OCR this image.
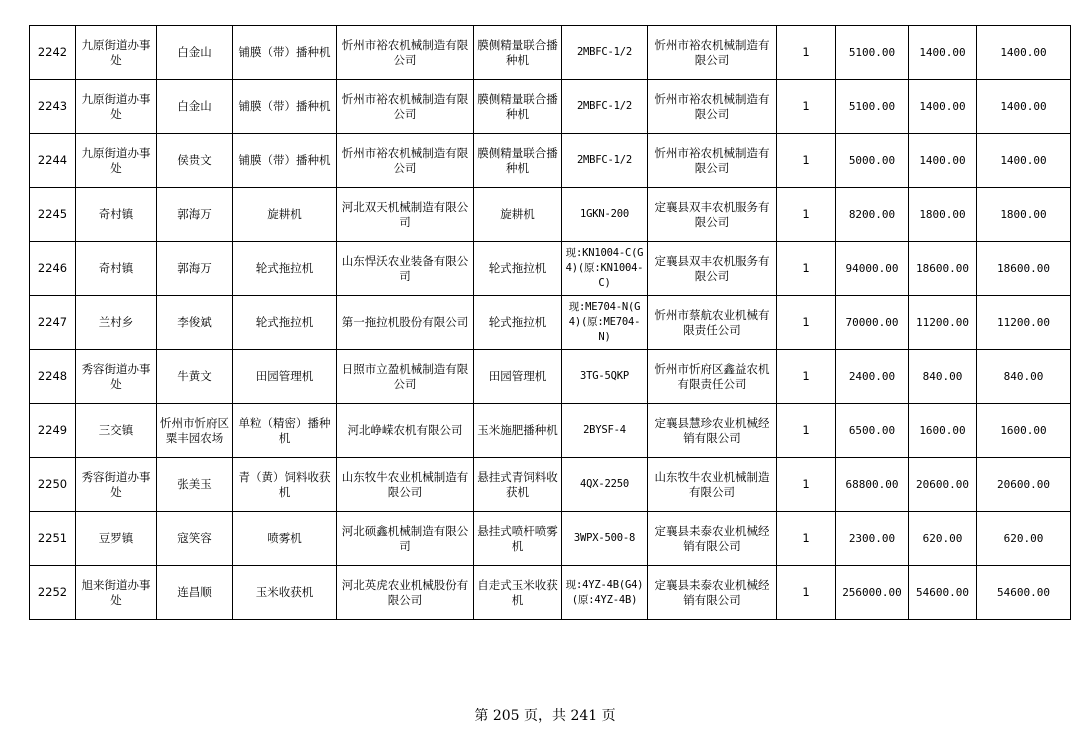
2242	九原街道办事处	白金山	铺膜（带）播种机	忻州市裕农机械制造有限公司	膜侧精量联合播种机	2MBFC-1/2	忻州市裕农机械制造有限公司	1	5100.00	1400.00	1400.00
2243	九原街道办事处	白金山	铺膜（带）播种机	忻州市裕农机械制造有限公司	膜侧精量联合播种机	2MBFC-1/2	忻州市裕农机械制造有限公司	1	5100.00	1400.00	1400.00
2244	九原街道办事处	侯贵文	铺膜（带）播种机	忻州市裕农机械制造有限公司	膜侧精量联合播种机	2MBFC-1/2	忻州市裕农机械制造有限公司	1	5000.00	1400.00	1400.00
2245	奇村镇	郭海万	旋耕机	河北双天机械制造有限公司	旋耕机	1GKN-200	定襄县双丰农机服务有限公司	1	8200.00	1800.00	1800.00
2246	奇村镇	郭海万	轮式拖拉机	山东悍沃农业装备有限公司	轮式拖拉机	现:KN1004-C(G4)(原:KN1004-C)	定襄县双丰农机服务有限公司	1	94000.00	18600.00	18600.00
2247	兰村乡	李俊斌	轮式拖拉机	第一拖拉机股份有限公司	轮式拖拉机	现:ME704-N(G4)(原:ME704-N)	忻州市蔡航农业机械有限责任公司	1	70000.00	11200.00	11200.00
2248	秀容街道办事处	牛黄文	田园管理机	日照市立盈机械制造有限公司	田园管理机	3TG-5QKP	忻州市忻府区鑫益农机有限责任公司	1	2400.00	840.00	840.00
2249	三交镇	忻州市忻府区粟丰园农场	单粒（精密）播种机	河北峥嵘农机有限公司	玉米施肥播种机	2BYSF-4	定襄县慧珍农业机械经销有限公司	1	6500.00	1600.00	1600.00
2250	秀容街道办事处	张美玉	青（黄）饲料收获机	山东牧牛农业机械制造有限公司	悬挂式青饲料收获机	4QX-2250	山东牧牛农业机械制造有限公司	1	68800.00	20600.00	20600.00
2251	豆罗镇	寇笑容	喷雾机	河北硕鑫机械制造有限公司	悬挂式喷杆喷雾机	3WPX-500-8	定襄县耒泰农业机械经销有限公司	1	2300.00	620.00	620.00
2252	旭来街道办事处	连昌顺	玉米收获机	河北英虎农业机械股份有限公司	自走式玉米收获机	现:4YZ-4B(G4)(原:4YZ-4B)	定襄县耒泰农业机械经销有限公司	1	256000.00	54600.00	54600.00
第 205 页，共 241 页
